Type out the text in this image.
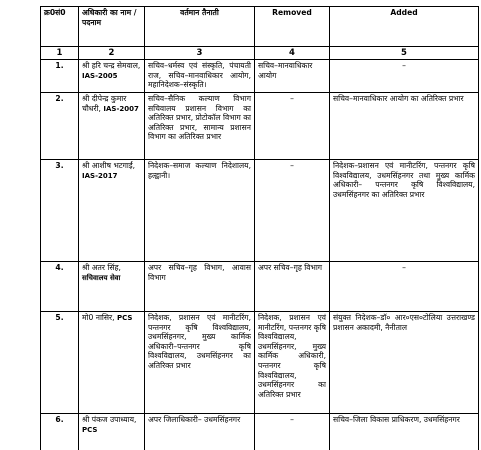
क्र0सं0	अधिकारी का नाम / पदनाम	वर्तमान तैनाती	Removed	Added
1	2	3	4	5
1.	श्री हरि चन्द्र सेमवाल, IAS-2005	सचिव–धर्मस्व एवं संस्कृति, पंचायती राज, सचिव–मानवाधिकार आयोग, महानिदेशक–संस्कृति।	सचिव–मानवाधिकार आयोग	–
2.	श्री दीपेन्द्र कुमार चौधरी, IAS-2007	सचिव–सैनिक कल्याण विभाग सचिवालय प्रशासन विभाग का अतिरिक्त प्रभार, प्रोटोकॉल विभाग का अतिरिक्त प्रभार, सामान्य प्रशासन विभाग का अतिरिक्त प्रभार	–	सचिव–मानवाधिकार आयोग का अतिरिक्त प्रभार
3.	श्री आशीष भटगाईं, IAS-2017	निदेशक–समाज कल्याण निदेशालय, हल्द्वानी।	–	निदेशक–प्रशासन एवं मानीटरिंग, पन्तनगर कृषि विश्वविद्यालय, उधमसिंहनगर तथा मुख्य कार्मिक अधिकारी– पन्तनगर कृषि विश्वविद्यालय, उधमसिंहनगर का अतिरिक्त प्रभार
4.	श्री अतर सिंह, सचिवालय सेवा	अपर सचिव–गृह विभाग, आवास विभाग	अपर सचिव–गृह विभाग	–
5.	मो0 नासिर, PCS	निदेशक, प्रशासन एवं मानीटरिंग, पन्तनगर कृषि विश्वविद्यालय, उधमसिंहनगर, मुख्य कार्मिक अधिकारी–पन्तनगर कृषि विश्वविद्यालय, उधमसिंहनगर का अतिरिक्त प्रभार	निदेशक, प्रशासन एवं मानीटरिंग, पन्तनगर कृषि विश्वविद्यालय, उधमसिंहनगर, मुख्य कार्मिक अधिकारी, पन्तनगर कृषि विश्वविद्यालय, उधमसिंहनगर का अतिरिक्त प्रभार	संयुक्त निदेशक–डॉ० आर०एस०टोलिया उत्तराखण्ड प्रशासन अकादमी, नैनीताल
6.	श्री पंकज उपाध्याय, PCS	अपर जिलाधिकारी– उधमसिंहनगर	–	सचिव–जिला विकास प्राधिकरण, उधमसिंहनगर
